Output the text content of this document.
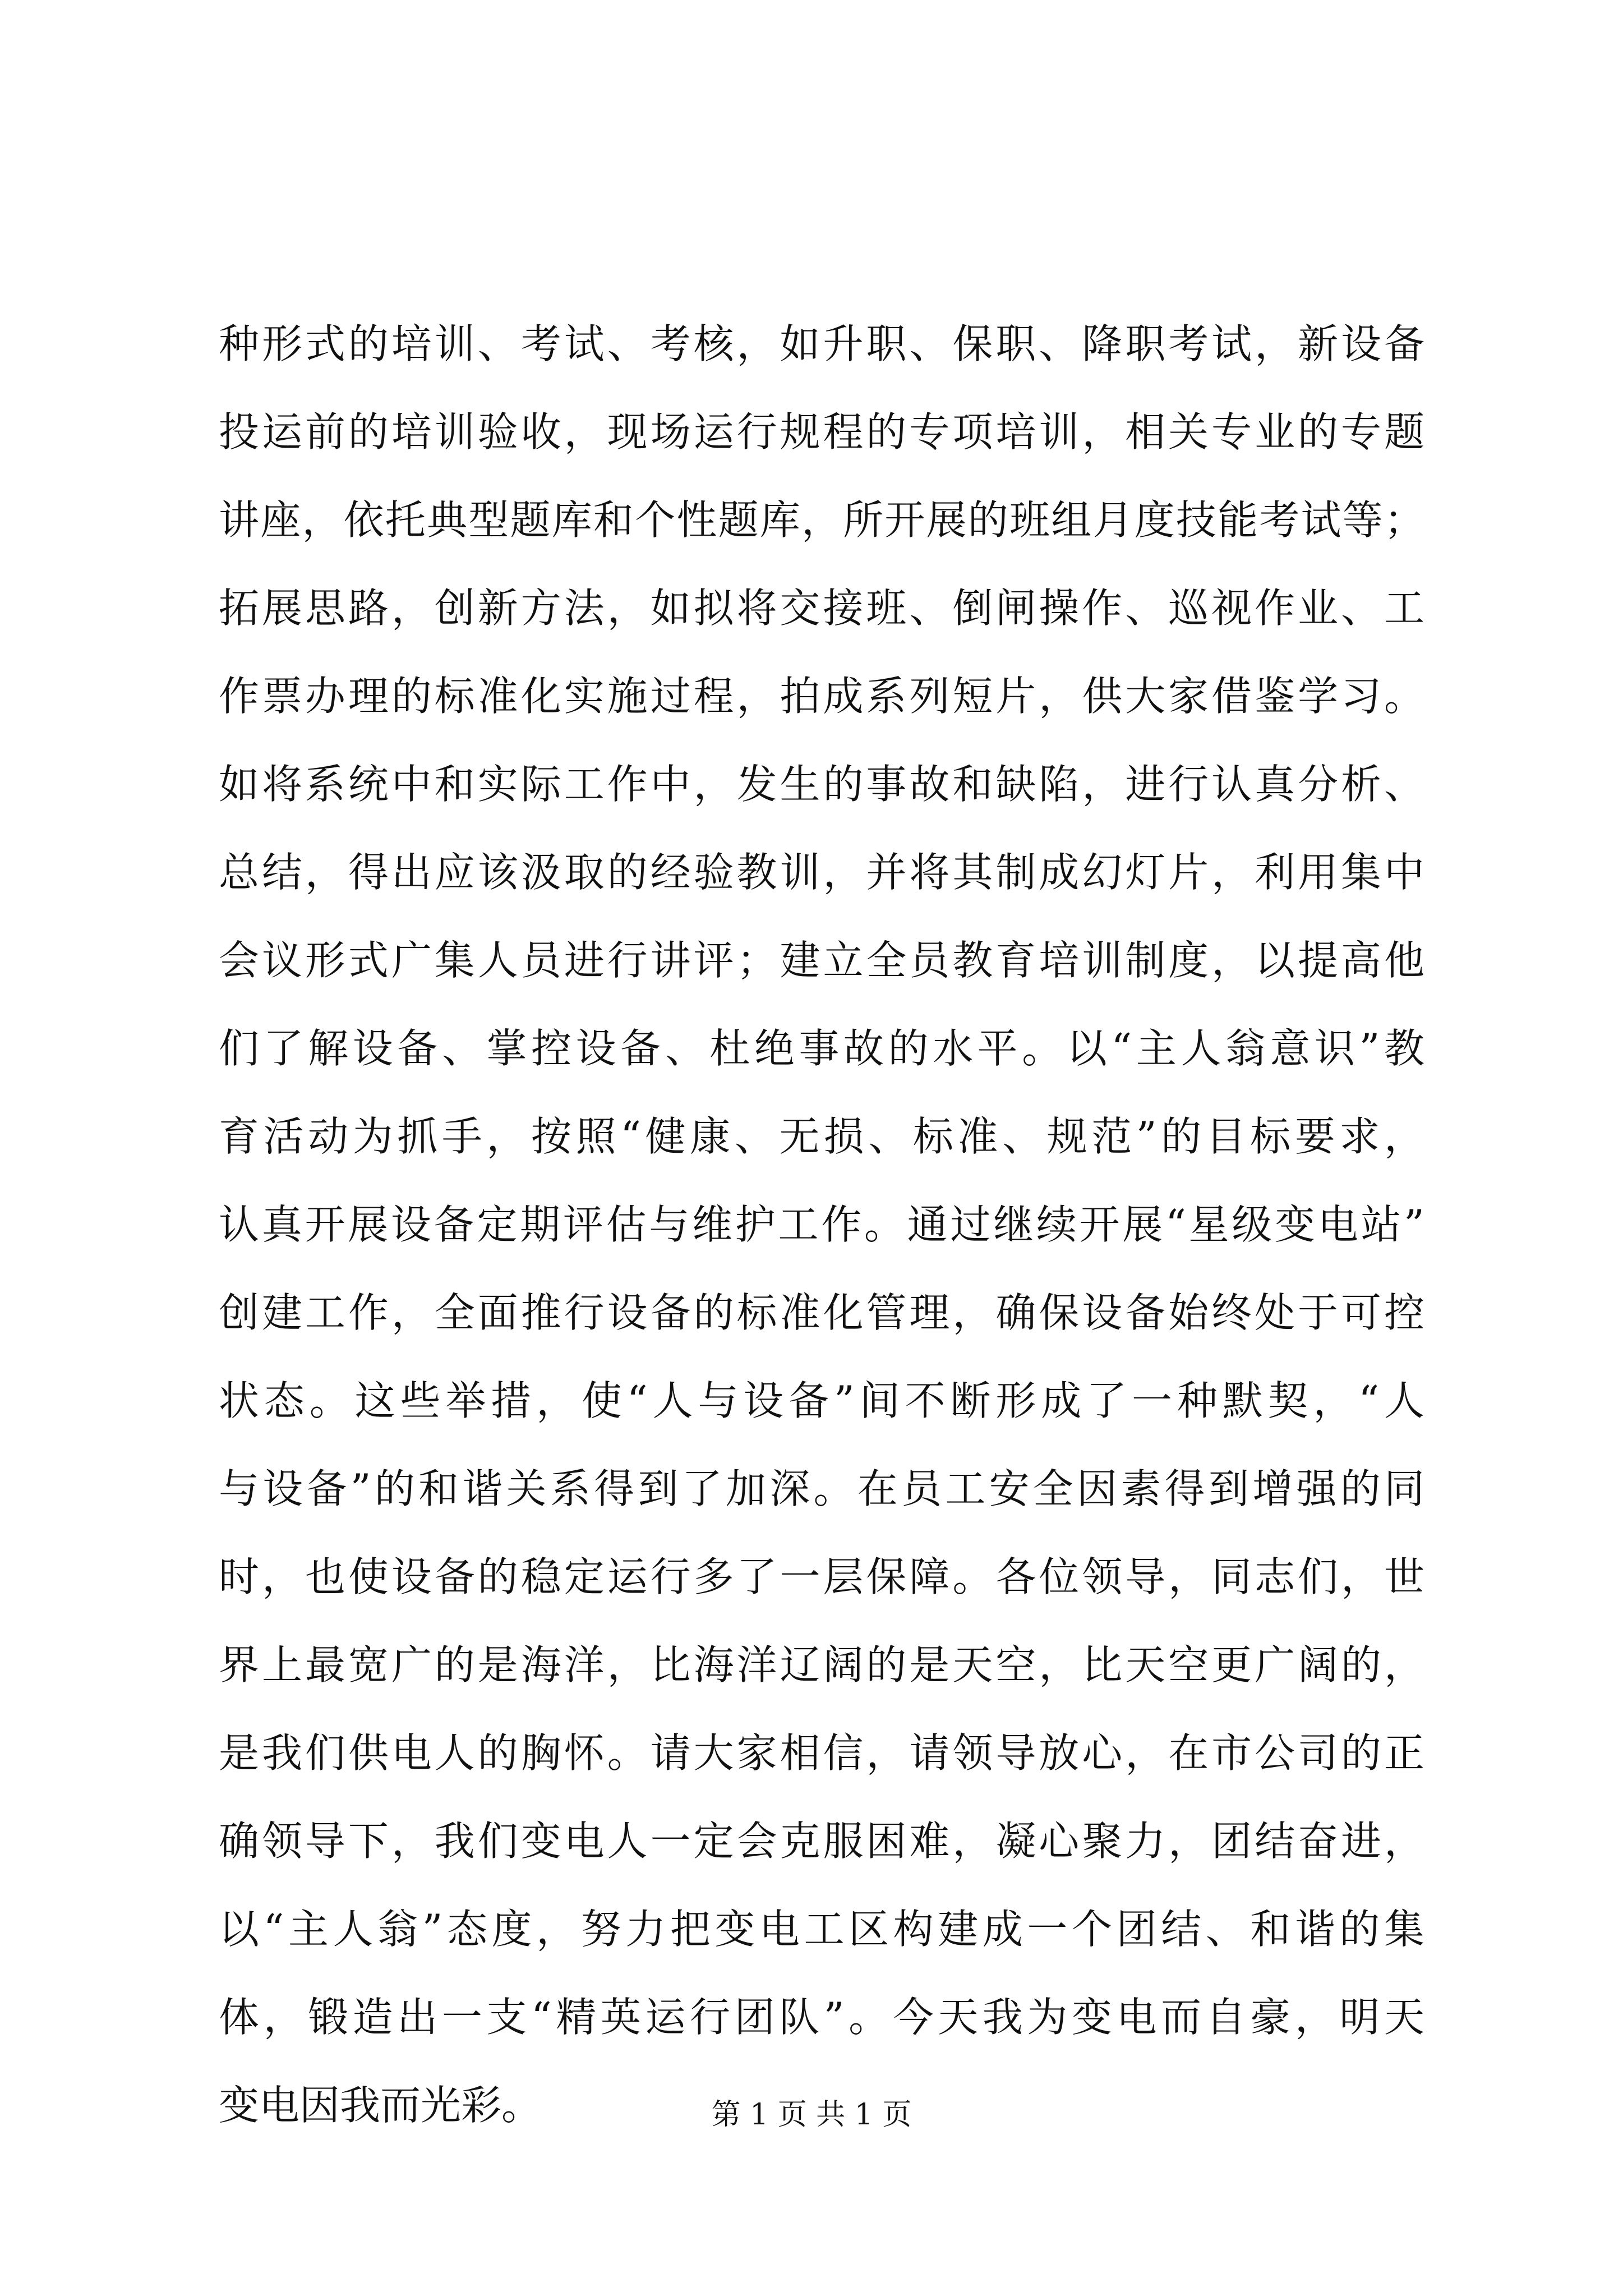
种形式的培训、考试、考核，如升职、保职、降职考试，新设备
投运前的培训验收，现场运行规程的专项培训，相关专业的专题
讲座，依托典型题库和个性题库，所开展的班组月度技能考试等；
拓展思路，创新方法，如拟将交接班、倒闸操作、巡视作业、工
作票办理的标准化实施过程，拍成系列短片，供大家借鉴学习。
如将系统中和实际工作中，发生的事故和缺陷，进行认真分析、
总结，得出应该汲取的经验教训，并将其制成幻灯片，利用集中
会议形式广集人员进行讲评；建立全员教育培训制度，以提高他
们了解设备、掌控设备、杜绝事故的水平。以“主人翁意识”教
育活动为抓手，按照“健康、无损、标准、规范”的目标要求，
认真开展设备定期评估与维护工作。通过继续开展“星级变电站”
创建工作，全面推行设备的标准化管理，确保设备始终处于可控
状态。这些举措，使“人与设备”间不断形成了一种默契，“人
与设备”的和谐关系得到了加深。在员工安全因素得到增强的同
时，也使设备的稳定运行多了一层保障。各位领导，同志们，世
界上最宽广的是海洋，比海洋辽阔的是天空，比天空更广阔的，
是我们供电人的胸怀。请大家相信，请领导放心，在市公司的正
确领导下，我们变电人一定会克服困难，凝心聚力，团结奋进，
以“主人翁”态度，努力把变电工区构建成一个团结、和谐的集
体，锻造出一支“精英运行团队”。今天我为变电而自豪，明天
变电因我而光彩。	第 1 页 共 1 页
